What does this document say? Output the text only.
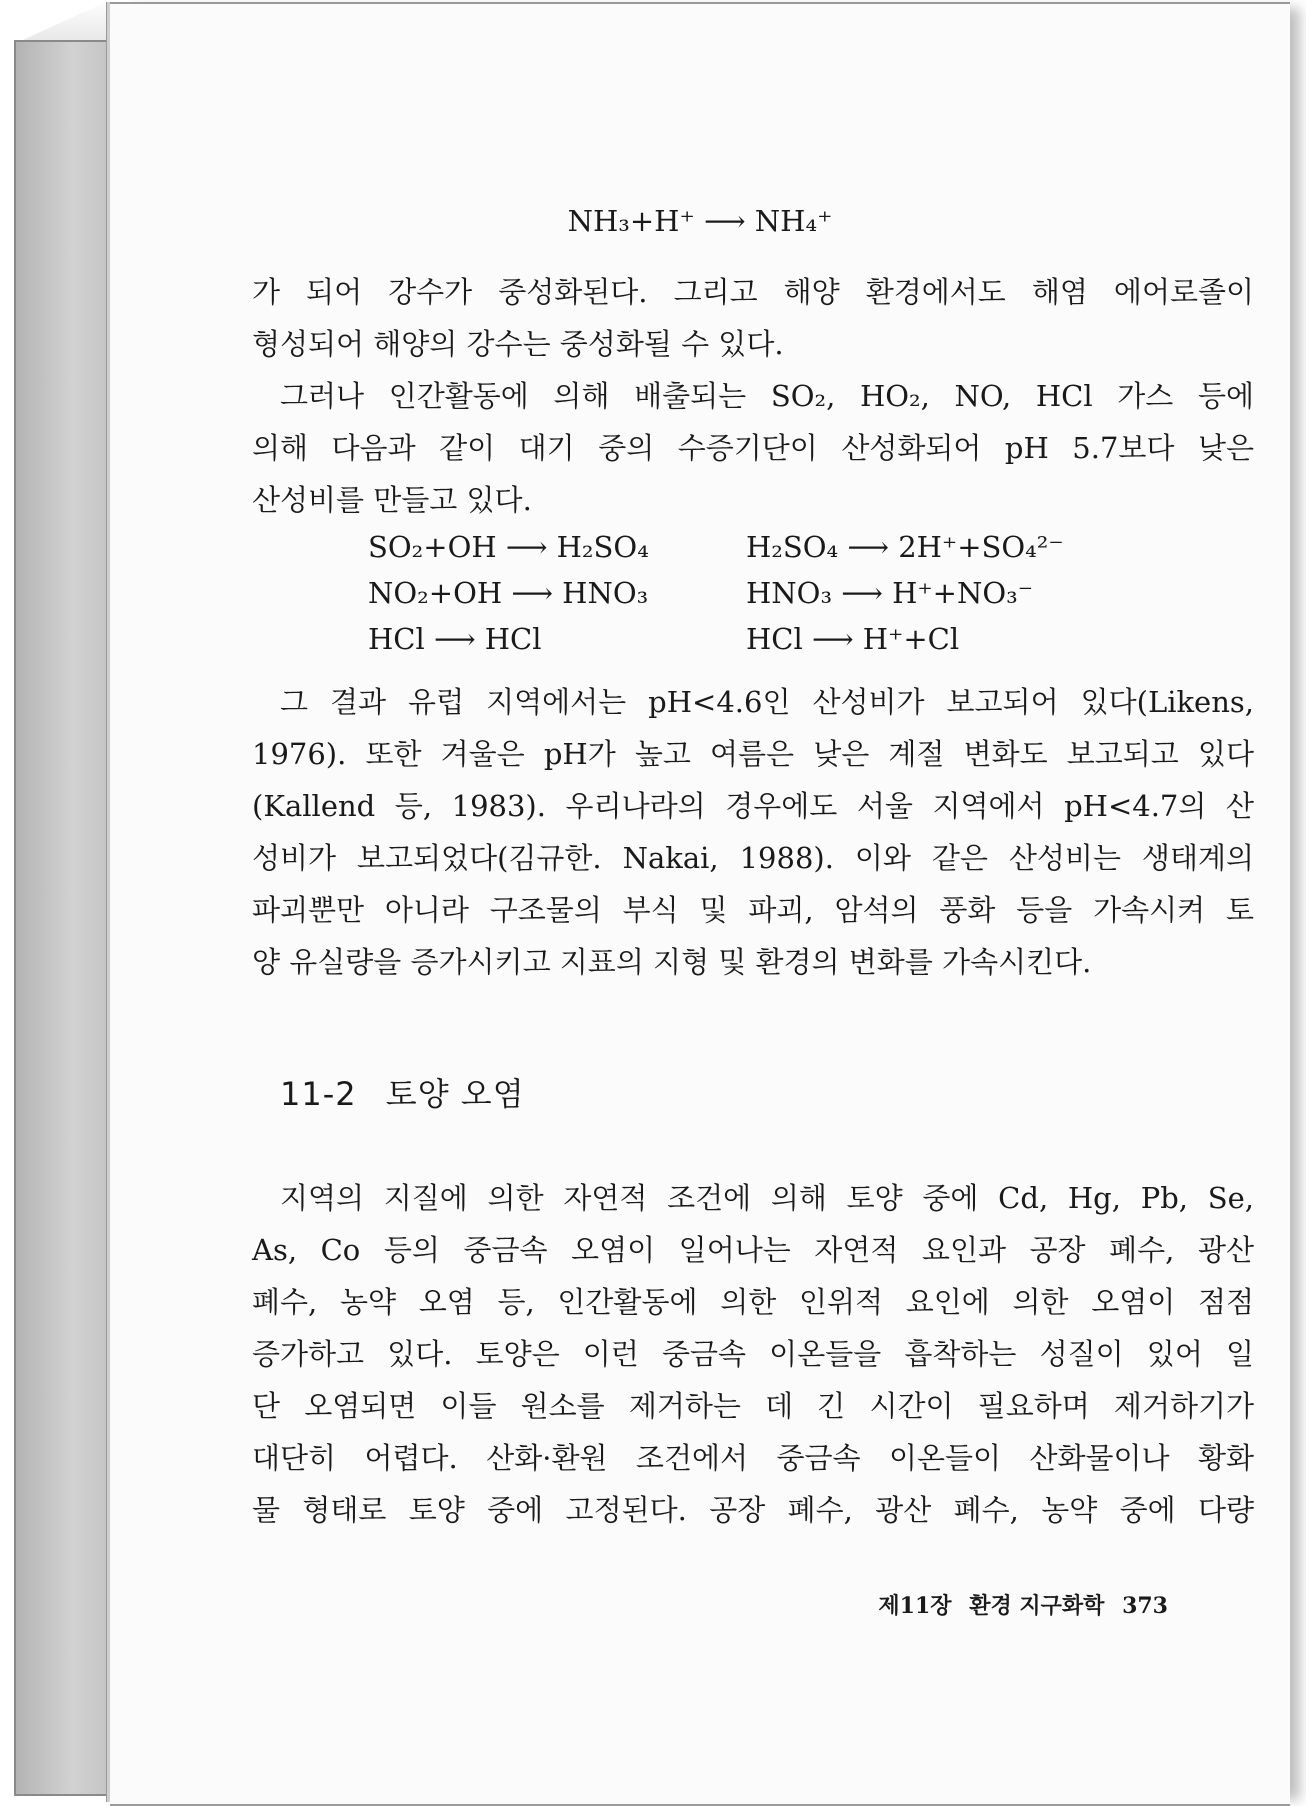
NH₃+H⁺ ⟶ NH₄⁺
가 되어 강수가 중성화된다. 그리고 해양 환경에서도 해염 에어로졸이
형성되어 해양의 강수는 중성화될 수 있다.
그러나 인간활동에 의해 배출되는 SO₂, HO₂, NO, HCl 가스 등에
의해 다음과 같이 대기 중의 수증기단이 산성화되어 pH 5.7보다 낮은
산성비를 만들고 있다.
SO₂+OH ⟶ H₂SO₄	H₂SO₄ ⟶ 2H⁺+SO₄²⁻
NO₂+OH ⟶ HNO₃	HNO₃ ⟶ H⁺+NO₃⁻
HCl ⟶ HCl	HCl ⟶ H⁺+Cl
그 결과 유럽 지역에서는 pH<4.6인 산성비가 보고되어 있다(Likens,
1976). 또한 겨울은 pH가 높고 여름은 낮은 계절 변화도 보고되고 있다
(Kallend 등, 1983). 우리나라의 경우에도 서울 지역에서 pH<4.7의 산
성비가 보고되었다(김규한. Nakai, 1988). 이와 같은 산성비는 생태계의
파괴뿐만 아니라 구조물의 부식 및 파괴, 암석의 풍화 등을 가속시켜 토
양 유실량을 증가시키고 지표의 지형 및 환경의 변화를 가속시킨다.
11-2 토양 오염
지역의 지질에 의한 자연적 조건에 의해 토양 중에 Cd, Hg, Pb, Se,
As, Co 등의 중금속 오염이 일어나는 자연적 요인과 공장 폐수, 광산
폐수, 농약 오염 등, 인간활동에 의한 인위적 요인에 의한 오염이 점점
증가하고 있다. 토양은 이런 중금속 이온들을 흡착하는 성질이 있어 일
단 오염되면 이들 원소를 제거하는 데 긴 시간이 필요하며 제거하기가
대단히 어렵다. 산화·환원 조건에서 중금속 이온들이 산화물이나 황화
물 형태로 토양 중에 고정된다. 공장 폐수, 광산 폐수, 농약 중에 다량
제11장 환경 지구화학 373
